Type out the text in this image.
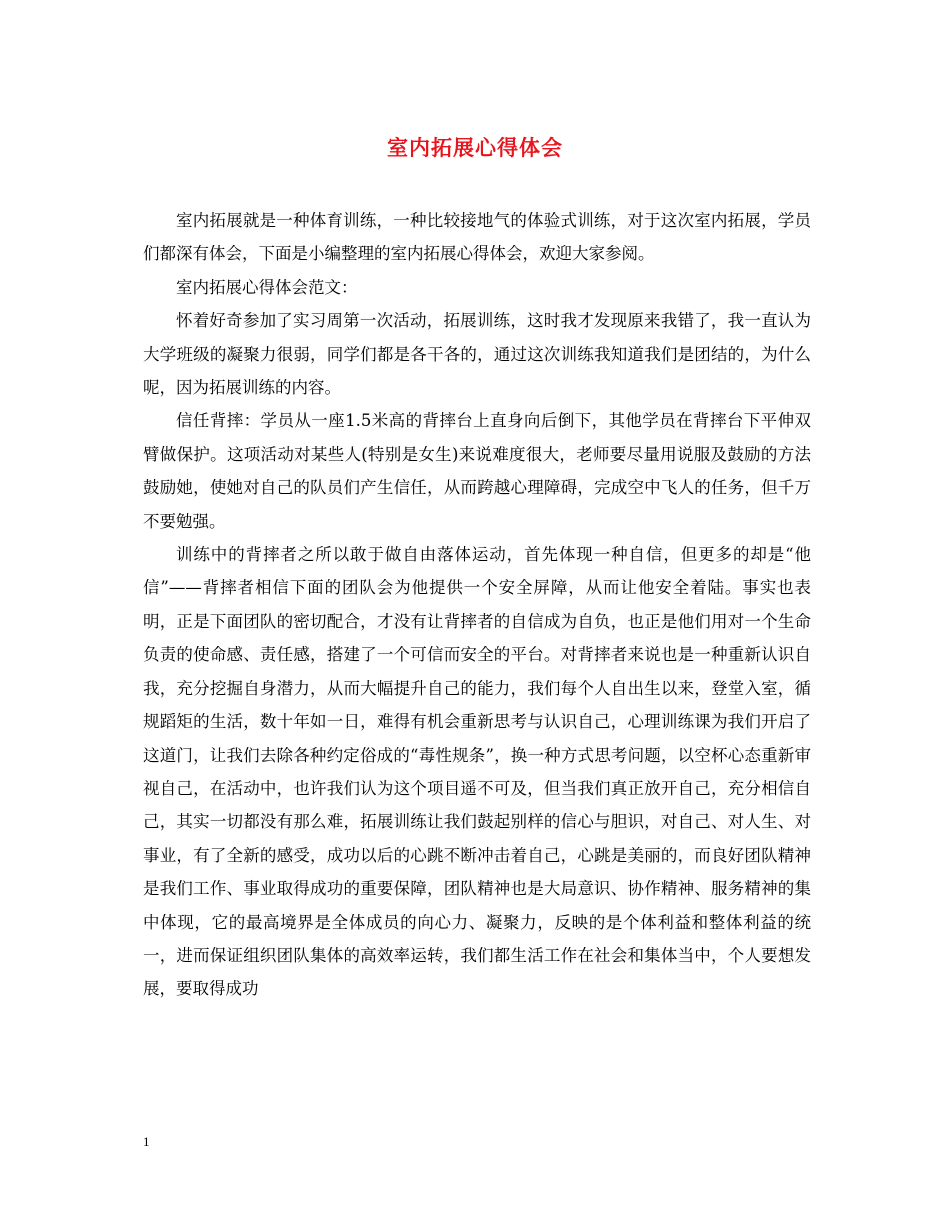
室内拓展心得体会

室内拓展就是一种体育训练，一种比较接地气的体验式训练，对于这次室内拓展，学员们都深有体会，下面是小编整理的室内拓展心得体会，欢迎大家参阅。

室内拓展心得体会范文：

怀着好奇参加了实习周第一次活动，拓展训练，这时我才发现原来我错了，我一直认为大学班级的凝聚力很弱，同学们都是各干各的，通过这次训练我知道我们是团结的，为什么呢，因为拓展训练的内容。

信任背摔：学员从一座1.5米高的背摔台上直身向后倒下，其他学员在背摔台下平伸双臂做保护。这项活动对某些人(特别是女生)来说难度很大，老师要尽量用说服及鼓励的方法鼓励她，使她对自己的队员们产生信任，从而跨越心理障碍，完成空中飞人的任务，但千万不要勉强。

训练中的背摔者之所以敢于做自由落体运动，首先体现一种自信，但更多的却是“他信”——背摔者相信下面的团队会为他提供一个安全屏障，从而让他安全着陆。事实也表明，正是下面团队的密切配合，才没有让背摔者的自信成为自负，也正是他们用对一个生命负责的使命感、责任感，搭建了一个可信而安全的平台。对背摔者来说也是一种重新认识自我，充分挖掘自身潜力，从而大幅提升自己的能力，我们每个人自出生以来，登堂入室，循规蹈矩的生活，数十年如一日，难得有机会重新思考与认识自己，心理训练课为我们开启了这道门，让我们去除各种约定俗成的“毒性规条”，换一种方式思考问题，以空杯心态重新审视自己，在活动中，也许我们认为这个项目遥不可及，但当我们真正放开自己，充分相信自己，其实一切都没有那么难，拓展训练让我们鼓起别样的信心与胆识，对自己、对人生、对事业，有了全新的感受，成功以后的心跳不断冲击着自己，心跳是美丽的，而良好团队精神是我们工作、事业取得成功的重要保障，团队精神也是大局意识、协作精神、服务精神的集中体现，它的最高境界是全体成员的向心力、凝聚力，反映的是个体利益和整体利益的统一，进而保证组织团队集体的高效率运转，我们都生活工作在社会和集体当中，个人要想发展，要取得成功

1
